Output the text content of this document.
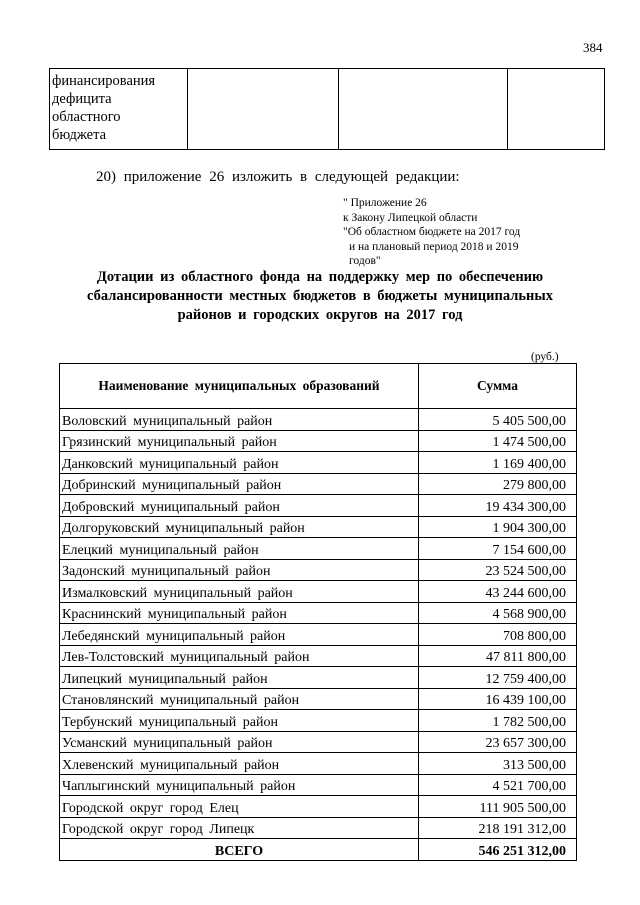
384
финансирования
дефицита
областного
бюджета

20) приложение 26 изложить в следующей редакции:
" Приложение 26
к Закону Липецкой области
"Об областном бюджете на 2017 год
и на плановый период 2018 и 2019
годов"
Дотации из областного фонда на поддержку мер по обеспечению
сбалансированности местных бюджетов в бюджеты муниципальных
районов и городских округов на 2017 год
(руб.)
Наименование муниципальных образований	Сумма
Воловский муниципальный район	5 405 500,00
Грязинский муниципальный район	1 474 500,00
Данковский муниципальный район	1 169 400,00
Добринский муниципальный район	279 800,00
Добровский муниципальный район	19 434 300,00
Долгоруковский муниципальный район	1 904 300,00
Елецкий муниципальный район	7 154 600,00
Задонский муниципальный район	23 524 500,00
Измалковский муниципальный район	43 244 600,00
Краснинский муниципальный район	4 568 900,00
Лебедянский муниципальный район	708 800,00
Лев-Толстовский муниципальный район	47 811 800,00
Липецкий муниципальный район	12 759 400,00
Становлянский муниципальный район	16 439 100,00
Тербунский муниципальный район	1 782 500,00
Усманский муниципальный район	23 657 300,00
Хлевенский муниципальный район	313 500,00
Чаплыгинский муниципальный район	4 521 700,00
Городской округ город Елец	111 905 500,00
Городской округ город Липецк	218 191 312,00
ВСЕГО	546 251 312,00
